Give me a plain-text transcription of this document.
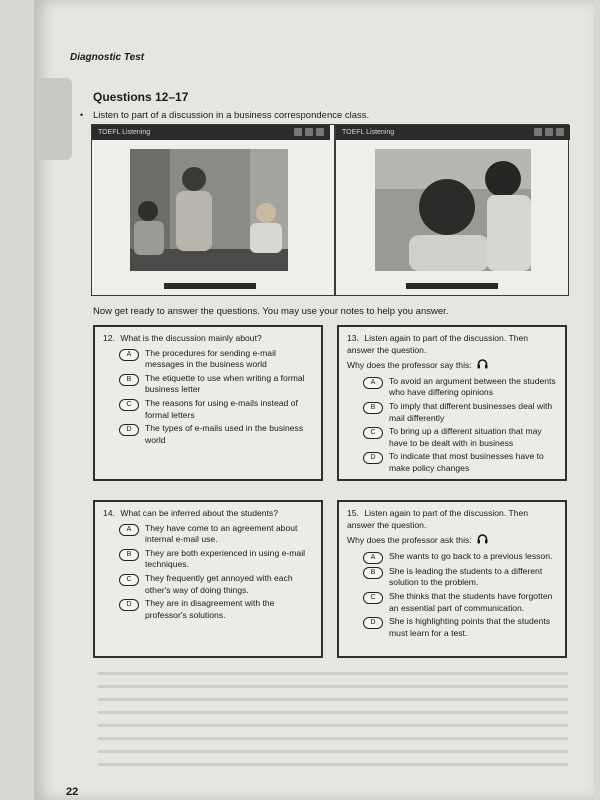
Diagnostic Test
•
Questions 12–17
Listen to part of a discussion in a business correspondence class.
TOEFL Listening	TOEFL Listening
Now get ready to answer the questions. You may use your notes to help you answer.
12. What is the discussion mainly about?
A	The procedures for sending e-mail messages in the business world
B	The etiquette to use when writing a formal business letter
C	The reasons for using e-mails instead of formal letters
D	The types of e-mails used in the business world
13. Listen again to part of the discussion. Then answer the question.
Why does the professor say this:
A	To avoid an argument between the students who have differing opinions
B	To imply that different businesses deal with mail differently
C	To bring up a different situation that may have to be dealt with in business
D	To indicate that most businesses have to make policy changes
14. What can be inferred about the students?
A	They have come to an agreement about internal e-mail use.
B	They are both experienced in using e-mail techniques.
C	They frequently get annoyed with each other's way of doing things.
D	They are in disagreement with the professor's solutions.
15. Listen again to part of the discussion. Then answer the question.
Why does the professor ask this:
A	She wants to go back to a previous lesson.
B	She is leading the students to a different solution to the problem.
C	She thinks that the students have forgotten an essential part of communication.
D	She is highlighting points that the students must learn for a test.
22
